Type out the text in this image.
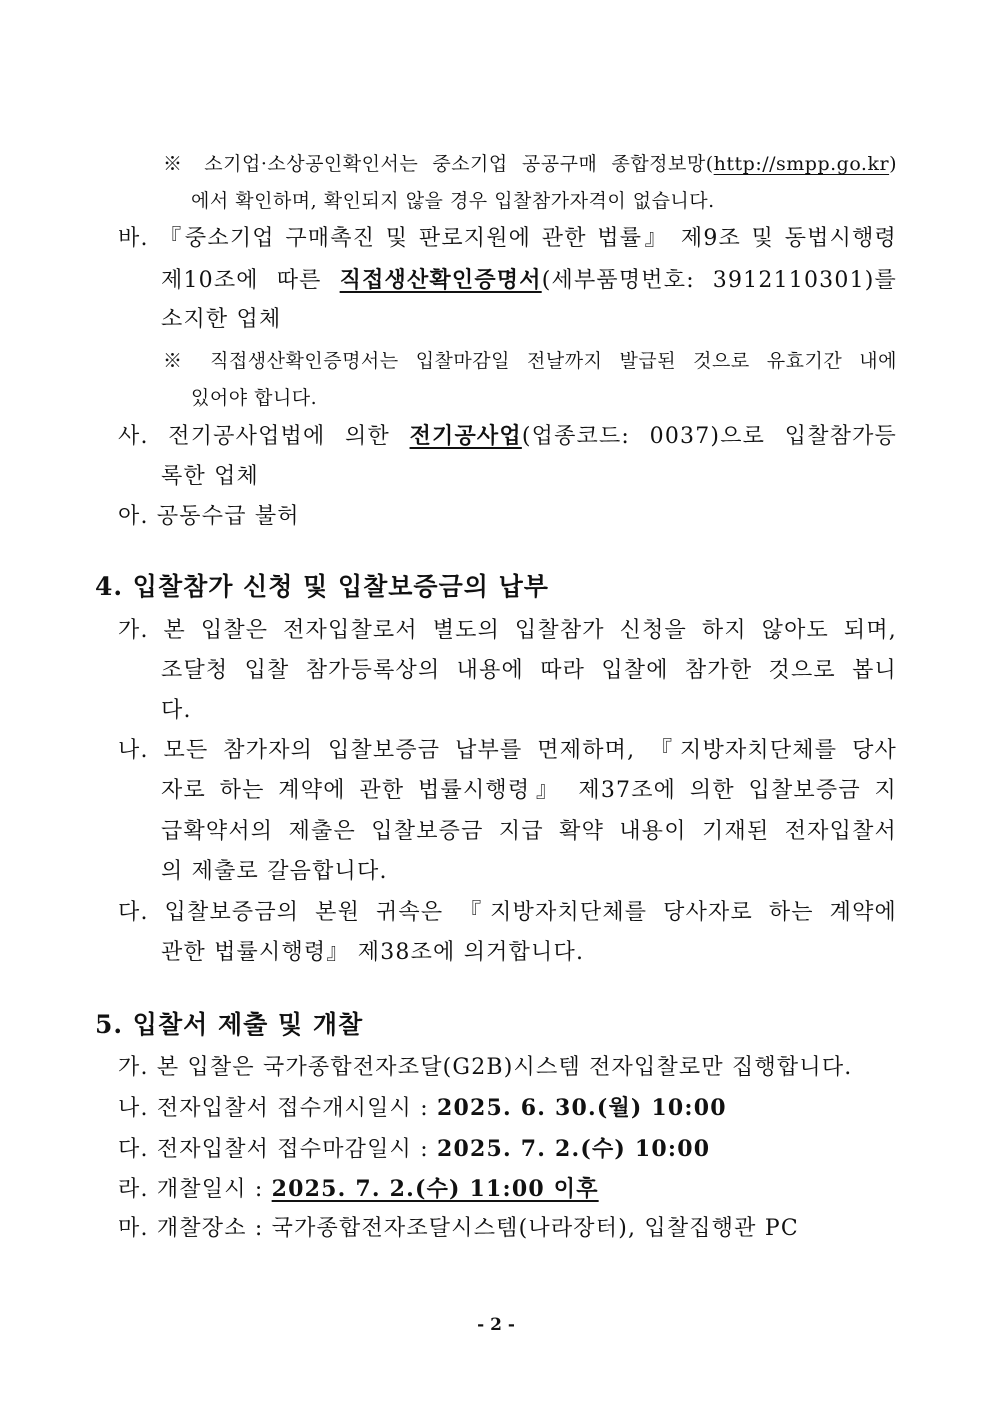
※ 소기업·소상공인확인서는 중소기업 공공구매 종합정보망(http://smpp.go.kr)
에서 확인하며, 확인되지 않을 경우 입찰참가자격이 없습니다.
바. 『중소기업 구매촉진 및 판로지원에 관한 법률』 제9조 및 동법시행령
제10조에 따른 직접생산확인증명서(세부품명번호: 3912110301)를
소지한 업체
※ 직접생산확인증명서는 입찰마감일 전날까지 발급된 것으로 유효기간 내에
있어야 합니다.
사. 전기공사업법에 의한 전기공사업(업종코드: 0037)으로 입찰참가등
록한 업체
아. 공동수급 불허
4. 입찰참가 신청 및 입찰보증금의 납부
가. 본 입찰은 전자입찰로서 별도의 입찰참가 신청을 하지 않아도 되며,
조달청 입찰 참가등록상의 내용에 따라 입찰에 참가한 것으로 봅니
다.
나. 모든 참가자의 입찰보증금 납부를 면제하며, 『지방자치단체를 당사
자로 하는 계약에 관한 법률시행령』 제37조에 의한 입찰보증금 지
급확약서의 제출은 입찰보증금 지급 확약 내용이 기재된 전자입찰서
의 제출로 갈음합니다.
다. 입찰보증금의 본원 귀속은 『지방자치단체를 당사자로 하는 계약에
관한 법률시행령』 제38조에 의거합니다.
5. 입찰서 제출 및 개찰
가. 본 입찰은 국가종합전자조달(G2B)시스템 전자입찰로만 집행합니다.
나. 전자입찰서 접수개시일시 : 2025. 6. 30.(월) 10:00
다. 전자입찰서 접수마감일시 : 2025. 7. 2.(수) 10:00
라. 개찰일시 : 2025. 7. 2.(수) 11:00 이후
마. 개찰장소 : 국가종합전자조달시스템(나라장터), 입찰집행관 PC
- 2 -
